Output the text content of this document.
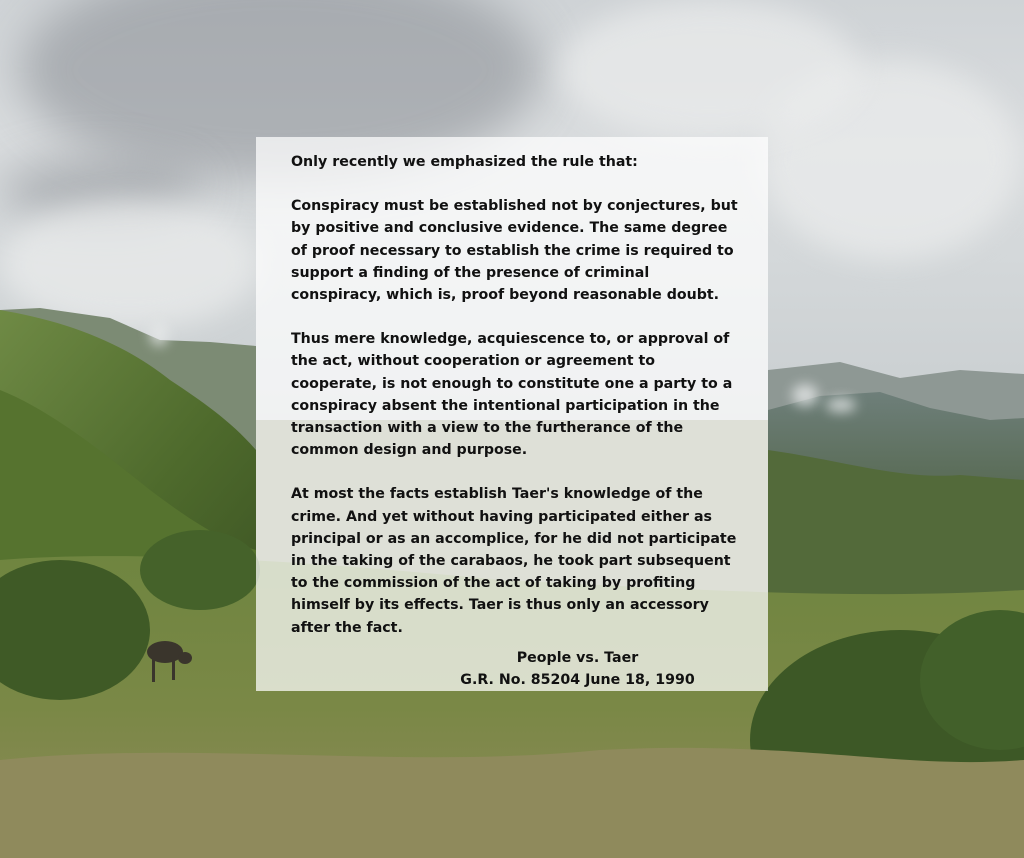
Only recently we emphasized the rule that:

Conspiracy must be established not by conjectures, but by positive and conclusive evidence. The same degree of proof necessary to establish the crime is required to support a finding of the presence of criminal conspiracy, which is, proof beyond reasonable doubt.

Thus mere knowledge, acquiescence to, or approval of the act, without cooperation or agreement to cooperate, is not enough to constitute one a party to a conspiracy absent the intentional participation in the transaction with a view to the furtherance of the common design and purpose.

At most the facts establish Taer's knowledge of the crime. And yet without having participated either as principal or as an accomplice, for he did not participate in the taking of the carabaos, he took part subsequent to the commission of the act of taking by profiting himself by its effects. Taer is thus only an accessory after the fact.

People vs. Taer
G.R. No. 85204 June 18, 1990
